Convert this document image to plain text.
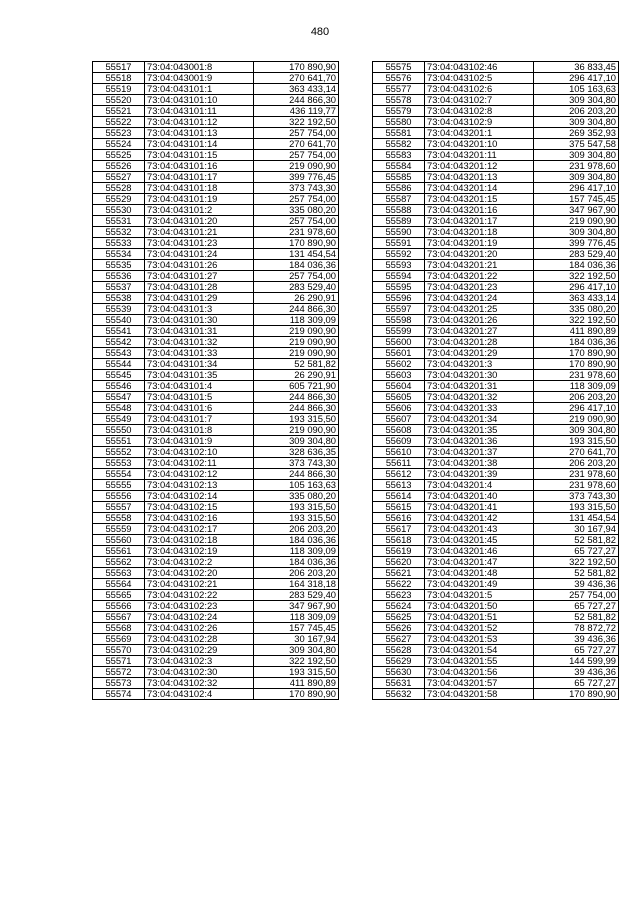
480
55517	73:04:043001:8	170 890,90
55518	73:04:043001:9	270 641,70
55519	73:04:043101:1	363 433,14
55520	73:04:043101:10	244 866,30
55521	73:04:043101:11	436 119,77
55522	73:04:043101:12	322 192,50
55523	73:04:043101:13	257 754,00
55524	73:04:043101:14	270 641,70
55525	73:04:043101:15	257 754,00
55526	73:04:043101:16	219 090,90
55527	73:04:043101:17	399 776,45
55528	73:04:043101:18	373 743,30
55529	73:04:043101:19	257 754,00
55530	73:04:043101:2	335 080,20
55531	73:04:043101:20	257 754,00
55532	73:04:043101:21	231 978,60
55533	73:04:043101:23	170 890,90
55534	73:04:043101:24	131 454,54
55535	73:04:043101:26	184 036,36
55536	73:04:043101:27	257 754,00
55537	73:04:043101:28	283 529,40
55538	73:04:043101:29	26 290,91
55539	73:04:043101:3	244 866,30
55540	73:04:043101:30	118 309,09
55541	73:04:043101:31	219 090,90
55542	73:04:043101:32	219 090,90
55543	73:04:043101:33	219 090,90
55544	73:04:043101:34	52 581,82
55545	73:04:043101:35	26 290,91
55546	73:04:043101:4	605 721,90
55547	73:04:043101:5	244 866,30
55548	73:04:043101:6	244 866,30
55549	73:04:043101:7	193 315,50
55550	73:04:043101:8	219 090,90
55551	73:04:043101:9	309 304,80
55552	73:04:043102:10	328 636,35
55553	73:04:043102:11	373 743,30
55554	73:04:043102:12	244 866,30
55555	73:04:043102:13	105 163,63
55556	73:04:043102:14	335 080,20
55557	73:04:043102:15	193 315,50
55558	73:04:043102:16	193 315,50
55559	73:04:043102:17	206 203,20
55560	73:04:043102:18	184 036,36
55561	73:04:043102:19	118 309,09
55562	73:04:043102:2	184 036,36
55563	73:04:043102:20	206 203,20
55564	73:04:043102:21	164 318,18
55565	73:04:043102:22	283 529,40
55566	73:04:043102:23	347 967,90
55567	73:04:043102:24	118 309,09
55568	73:04:043102:26	157 745,45
55569	73:04:043102:28	30 167,94
55570	73:04:043102:29	309 304,80
55571	73:04:043102:3	322 192,50
55572	73:04:043102:30	193 315,50
55573	73:04:043102:32	411 890,89
55574	73:04:043102:4	170 890,90
55575	73:04:043102:46	36 833,45
55576	73:04:043102:5	296 417,10
55577	73:04:043102:6	105 163,63
55578	73:04:043102:7	309 304,80
55579	73:04:043102:8	206 203,20
55580	73:04:043102:9	309 304,80
55581	73:04:043201:1	269 352,93
55582	73:04:043201:10	375 547,58
55583	73:04:043201:11	309 304,80
55584	73:04:043201:12	231 978,60
55585	73:04:043201:13	309 304,80
55586	73:04:043201:14	296 417,10
55587	73:04:043201:15	157 745,45
55588	73:04:043201:16	347 967,90
55589	73:04:043201:17	219 090,90
55590	73:04:043201:18	309 304,80
55591	73:04:043201:19	399 776,45
55592	73:04:043201:20	283 529,40
55593	73:04:043201:21	184 036,36
55594	73:04:043201:22	322 192,50
55595	73:04:043201:23	296 417,10
55596	73:04:043201:24	363 433,14
55597	73:04:043201:25	335 080,20
55598	73:04:043201:26	322 192,50
55599	73:04:043201:27	411 890,89
55600	73:04:043201:28	184 036,36
55601	73:04:043201:29	170 890,90
55602	73:04:043201:3	170 890,90
55603	73:04:043201:30	231 978,60
55604	73:04:043201:31	118 309,09
55605	73:04:043201:32	206 203,20
55606	73:04:043201:33	296 417,10
55607	73:04:043201:34	219 090,90
55608	73:04:043201:35	309 304,80
55609	73:04:043201:36	193 315,50
55610	73:04:043201:37	270 641,70
55611	73:04:043201:38	206 203,20
55612	73:04:043201:39	231 978,60
55613	73:04:043201:4	231 978,60
55614	73:04:043201:40	373 743,30
55615	73:04:043201:41	193 315,50
55616	73:04:043201:42	131 454,54
55617	73:04:043201:43	30 167,94
55618	73:04:043201:45	52 581,82
55619	73:04:043201:46	65 727,27
55620	73:04:043201:47	322 192,50
55621	73:04:043201:48	52 581,82
55622	73:04:043201:49	39 436,36
55623	73:04:043201:5	257 754,00
55624	73:04:043201:50	65 727,27
55625	73:04:043201:51	52 581,82
55626	73:04:043201:52	78 872,72
55627	73:04:043201:53	39 436,36
55628	73:04:043201:54	65 727,27
55629	73:04:043201:55	144 599,99
55630	73:04:043201:56	39 436,36
55631	73:04:043201:57	65 727,27
55632	73:04:043201:58	170 890,90
